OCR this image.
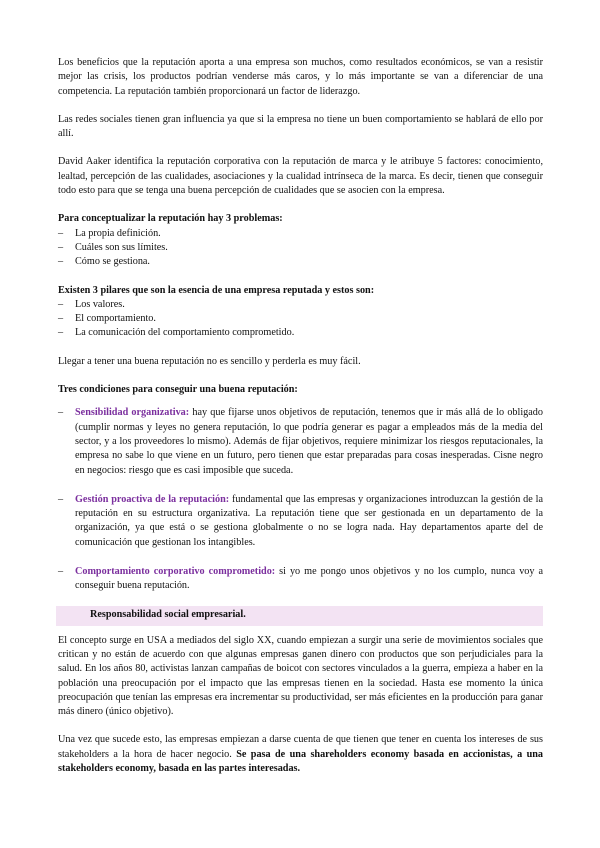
Los beneficios que la reputación aporta a una empresa son muchos, como resultados económicos, se van a resistir mejor las crisis, los productos podrían venderse más caros, y lo más importante se van a diferenciar de una competencia. La reputación también proporcionará un factor de liderazgo.

Las redes sociales tienen gran influencia ya que si la empresa no tiene un buen comportamiento se hablará de ello por allí.

David Aaker identifica la reputación corporativa con la reputación de marca y le atribuye 5 factores: conocimiento, lealtad, percepción de las cualidades, asociaciones y la cualidad intrínseca de la marca. Es decir, tienen que conseguir todo esto para que se tenga una buena percepción de cualidades que se asocien con la empresa.

Para conceptualizar la reputación hay 3 problemas:

– La propia definición.
– Cuáles son sus límites.
– Cómo se gestiona.

Existen 3 pilares que son la esencia de una empresa reputada y estos son:

– Los valores.
– El comportamiento.
– La comunicación del comportamiento comprometido.

Llegar a tener una buena reputación no es sencillo y perderla es muy fácil.

Tres condiciones para conseguir una buena reputación:

– Sensibilidad organizativa: hay que fijarse unos objetivos de reputación, tenemos que ir más allá de lo obligado (cumplir normas y leyes no genera reputación, lo que podría generar es pagar a empleados más de la media del sector, y a los proveedores lo mismo). Además de fijar objetivos, requiere minimizar los riesgos reputacionales, la empresa no sabe lo que viene en un futuro, pero tienen que estar preparadas para cosas inesperadas. Cisne negro en negocios: riesgo que es casi imposible que suceda.
– Gestión proactiva de la reputación: fundamental que las empresas y organizaciones introduzcan la gestión de la reputación en su estructura organizativa. La reputación tiene que ser gestionada en un departamento de la organización, ya que está o se gestiona globalmente o no se logra nada. Hay departamentos aparte del de comunicación que gestionan los intangibles.
– Comportamiento corporativo comprometido: si yo me pongo unos objetivos y no los cumplo, nunca voy a conseguir buena reputación.
Responsabilidad social empresarial.

El concepto surge en USA a mediados del siglo XX, cuando empiezan a surgir una serie de movimientos sociales que critican y no están de acuerdo con que algunas empresas ganen dinero con productos que son perjudiciales para la salud. En los años 80, activistas lanzan campañas de boicot con sectores vinculados a la guerra, empieza a haber en la población una preocupación por el impacto que las empresas tienen en la sociedad. Hasta ese momento la única preocupación que tenían las empresas era incrementar su productividad, ser más eficientes en la producción para ganar más dinero (único objetivo).

Una vez que sucede esto, las empresas empiezan a darse cuenta de que tienen que tener en cuenta los intereses de sus stakeholders a la hora de hacer negocio. Se pasa de una shareholders economy basada en accionistas, a una stakeholders economy, basada en las partes interesadas.
